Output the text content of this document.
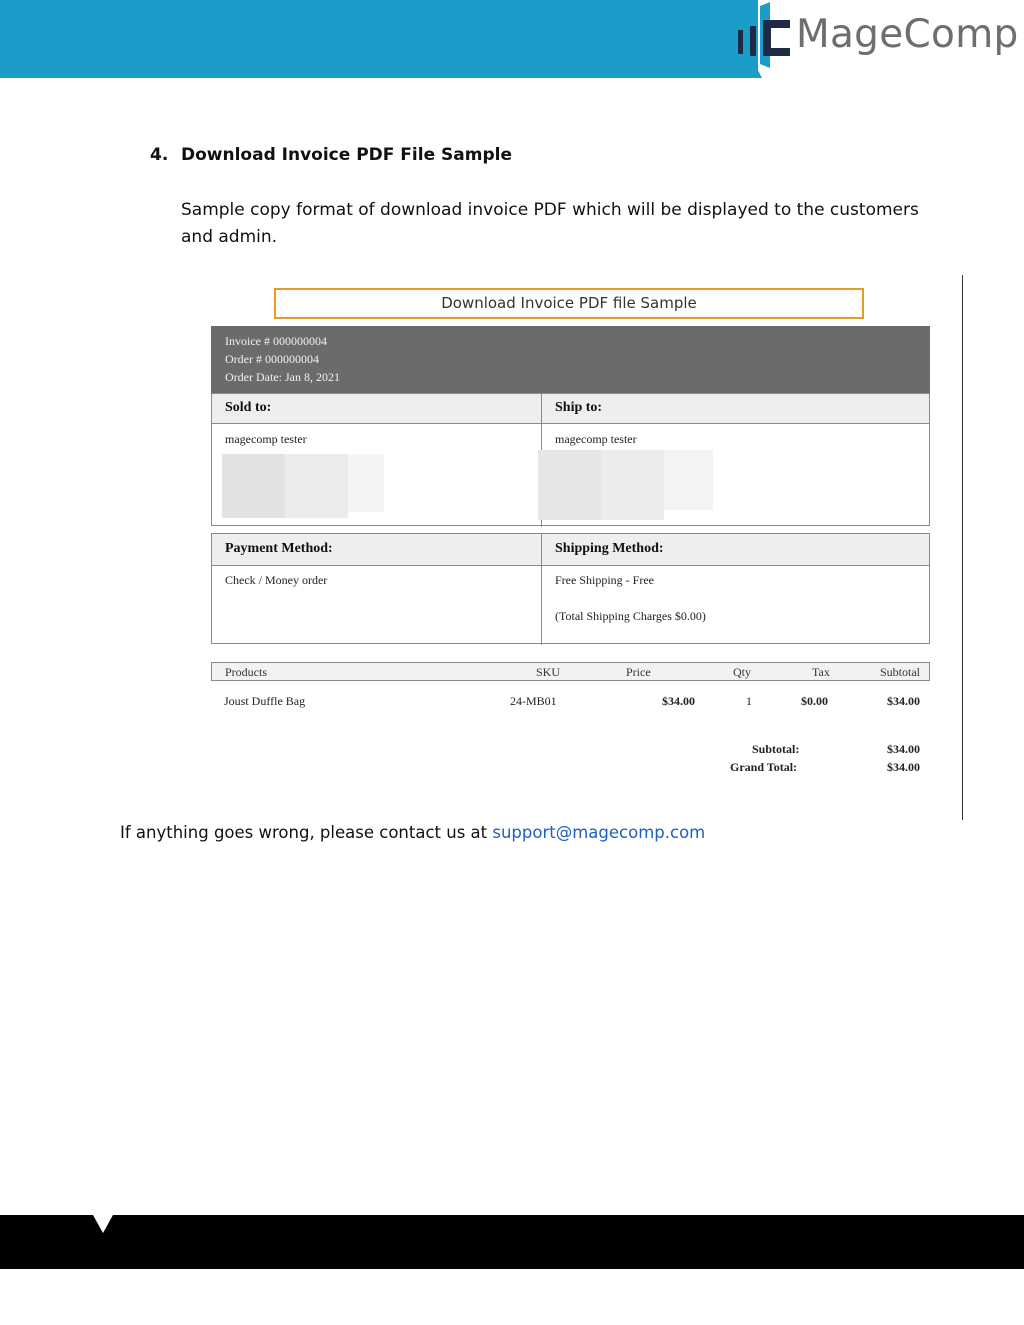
MageComp
4. Download Invoice PDF File Sample
Sample copy format of download invoice PDF which will be displayed to the customers and admin.
Download Invoice PDF file Sample
Invoice # 000000004
Order # 000000004
Order Date: Jan 8, 2021
Sold to:	Ship to:
magecomp tester	magecomp tester
Payment Method:	Shipping Method:
Check / Money order	Free Shipping - Free
(Total Shipping Charges $0.00)
Products	SKU	Price	Qty	Tax	Subtotal
Joust Duffle Bag	24-MB01	$34.00	1	$0.00	$34.00
Subtotal:	$34.00
Grand Total:	$34.00
If anything goes wrong, please contact us at support@magecomp.com
